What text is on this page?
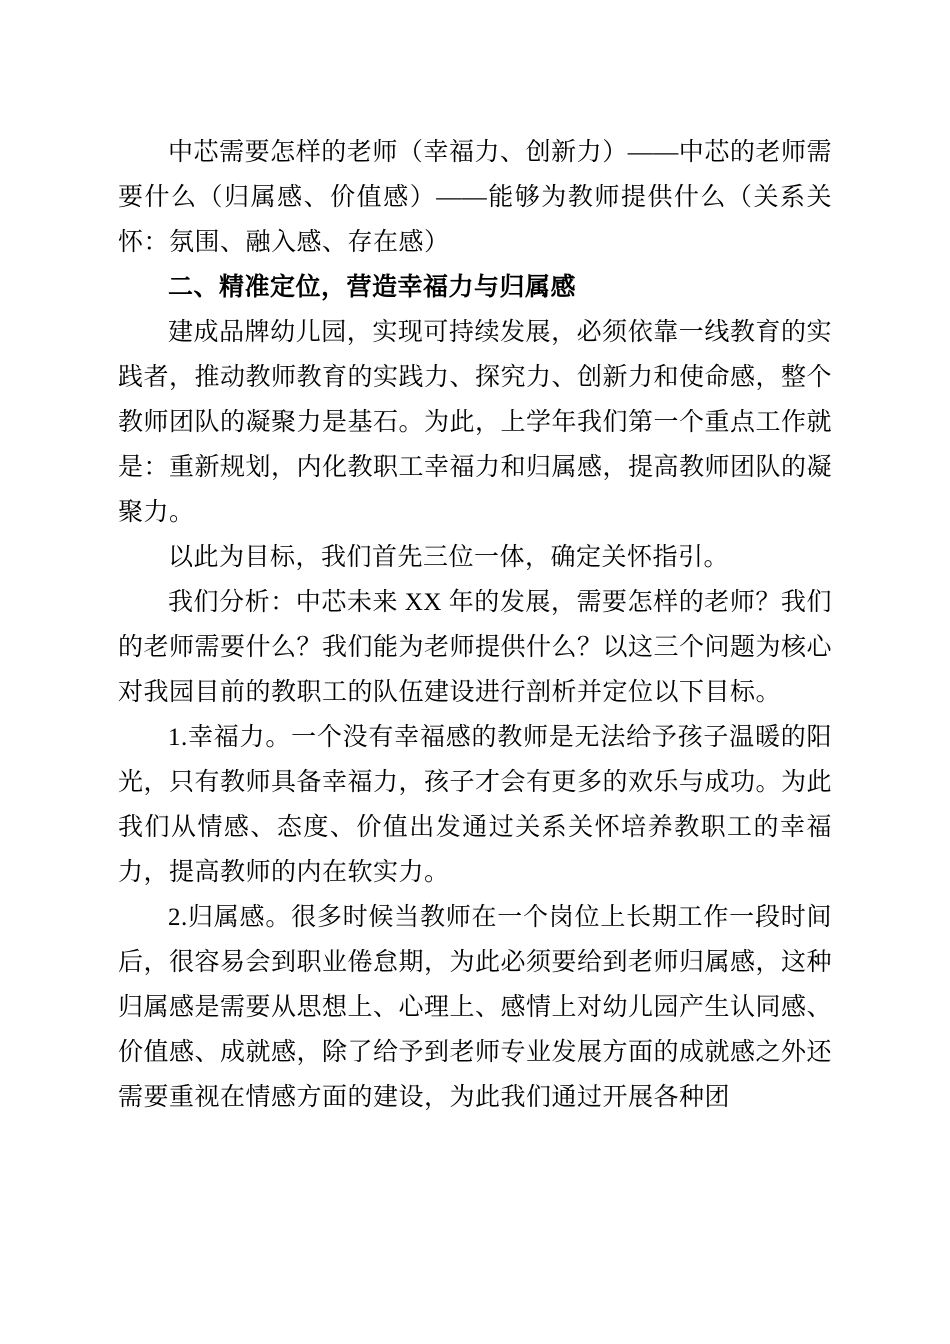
中芯需要怎样的老师（幸福力、创新力）——中芯的老师需要什么（归属感、价值感）——能够为教师提供什么（关系关怀：氛围、融入感、存在感）

二、精准定位，营造幸福力与归属感

建成品牌幼儿园，实现可持续发展，必须依靠一线教育的实践者，推动教师教育的实践力、探究力、创新力和使命感，整个教师团队的凝聚力是基石。为此，上学年我们第一个重点工作就是：重新规划，内化教职工幸福力和归属感，提高教师团队的凝聚力。

以此为目标，我们首先三位一体，确定关怀指引。

我们分析：中芯未来 XX 年的发展，需要怎样的老师？我们的老师需要什么？我们能为老师提供什么？以这三个问题为核心对我园目前的教职工的队伍建设进行剖析并定位以下目标。

1.幸福力。一个没有幸福感的教师是无法给予孩子温暖的阳光，只有教师具备幸福力，孩子才会有更多的欢乐与成功。为此我们从情感、态度、价值出发通过关系关怀培养教职工的幸福力，提高教师的内在软实力。

2.归属感。很多时候当教师在一个岗位上长期工作一段时间后，很容易会到职业倦怠期，为此必须要给到老师归属感，这种归属感是需要从思想上、心理上、感情上对幼儿园产生认同感、价值感、成就感，除了给予到老师专业发展方面的成就感之外还需要重视在情感方面的建设，为此我们通过开展各种团
